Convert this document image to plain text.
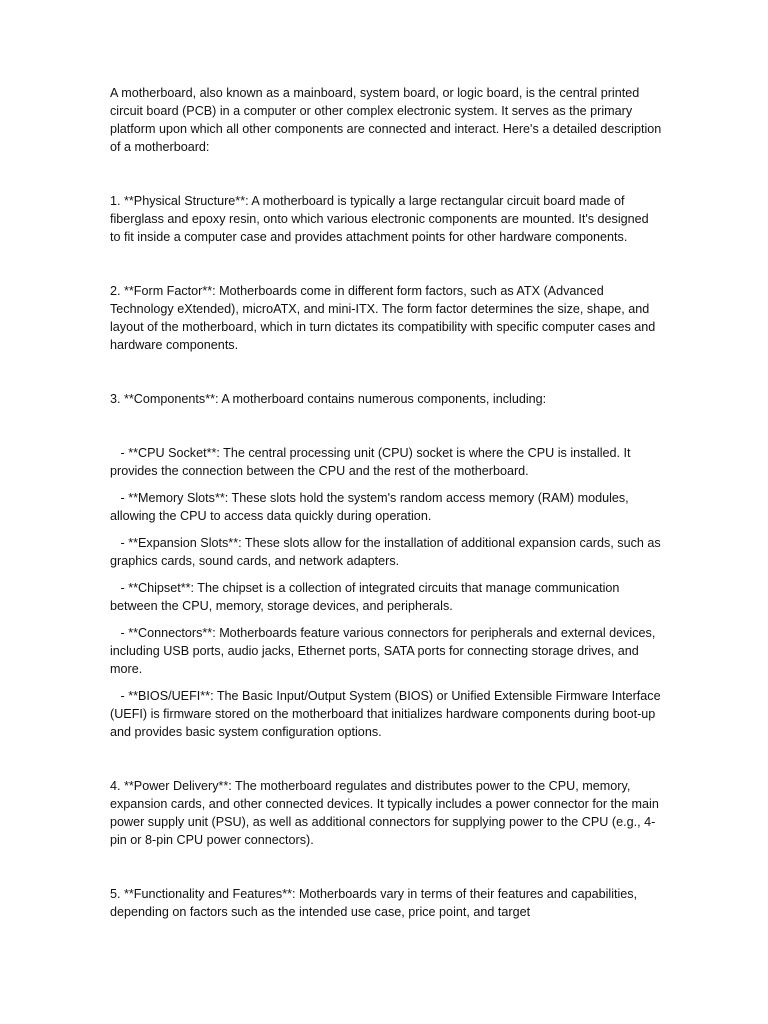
A motherboard, also known as a mainboard, system board, or logic board, is the central printed circuit board (PCB) in a computer or other complex electronic system. It serves as the primary platform upon which all other components are connected and interact. Here's a detailed description of a motherboard:

1. **Physical Structure**: A motherboard is typically a large rectangular circuit board made of fiberglass and epoxy resin, onto which various electronic components are mounted. It's designed to fit inside a computer case and provides attachment points for other hardware components.

2. **Form Factor**: Motherboards come in different form factors, such as ATX (Advanced Technology eXtended), microATX, and mini-ITX. The form factor determines the size, shape, and layout of the motherboard, which in turn dictates its compatibility with specific computer cases and hardware components.

3. **Components**: A motherboard contains numerous components, including:

- **CPU Socket**: The central processing unit (CPU) socket is where the CPU is installed. It provides the connection between the CPU and the rest of the motherboard.

- **Memory Slots**: These slots hold the system's random access memory (RAM) modules, allowing the CPU to access data quickly during operation.

- **Expansion Slots**: These slots allow for the installation of additional expansion cards, such as graphics cards, sound cards, and network adapters.

- **Chipset**: The chipset is a collection of integrated circuits that manage communication between the CPU, memory, storage devices, and peripherals.

- **Connectors**: Motherboards feature various connectors for peripherals and external devices, including USB ports, audio jacks, Ethernet ports, SATA ports for connecting storage drives, and more.

- **BIOS/UEFI**: The Basic Input/Output System (BIOS) or Unified Extensible Firmware Interface (UEFI) is firmware stored on the motherboard that initializes hardware components during boot-up and provides basic system configuration options.

4. **Power Delivery**: The motherboard regulates and distributes power to the CPU, memory, expansion cards, and other connected devices. It typically includes a power connector for the main power supply unit (PSU), as well as additional connectors for supplying power to the CPU (e.g., 4-pin or 8-pin CPU power connectors).

5. **Functionality and Features**: Motherboards vary in terms of their features and capabilities, depending on factors such as the intended use case, price point, and target
